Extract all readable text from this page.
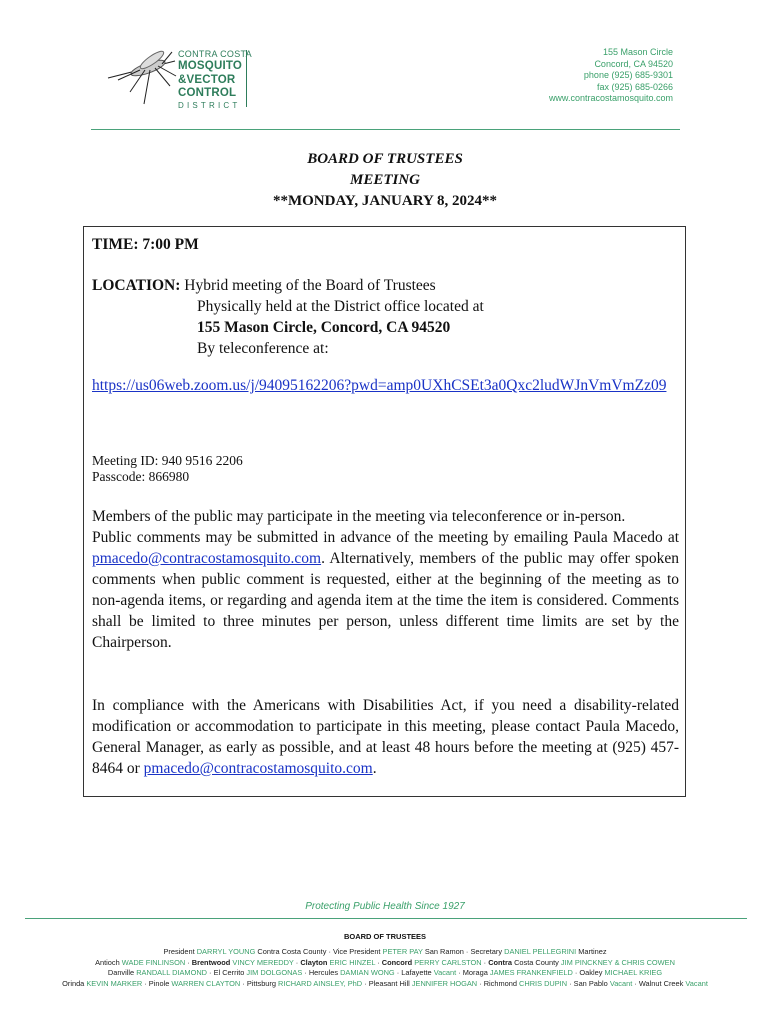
CONTRA COSTA
MOSQUITO
&VECTOR
CONTROL
DISTRICT
155 Mason Circle
Concord, CA 94520
phone (925) 685-9301
fax (925) 685-0266
www.contracostamosquito.com
BOARD OF TRUSTEES
MEETING
**MONDAY, JANUARY 8, 2024**
TIME: 7:00 PM
LOCATION: Hybrid meeting of the Board of Trustees
Physically held at the District office located at
155 Mason Circle, Concord, CA 94520
By teleconference at:
https://us06web.zoom.us/j/94095162206?pwd=amp0UXhCSEt3a0Qxc2ludWJnVmVmZz09
Meeting ID: 940 9516 2206
Passcode: 866980
Members of the public may participate in the meeting via teleconference or in-person.
Public comments may be submitted in advance of the meeting by emailing Paula Macedo at pmacedo@contracostamosquito.com. Alternatively, members of the public may offer spoken comments when public comment is requested, either at the beginning of the meeting as to non-agenda items, or regarding and agenda item at the time the item is considered. Comments shall be limited to three minutes per person, unless different time limits are set by the Chairperson.
In compliance with the Americans with Disabilities Act, if you need a disability-related modification or accommodation to participate in this meeting, please contact Paula Macedo, General Manager, as early as possible, and at least 48 hours before the meeting at (925) 457-8464 or pmacedo@contracostamosquito.com.
Protecting Public Health Since 1927
BOARD OF TRUSTEES
President DARRYL YOUNG Contra Costa County · Vice President PETER PAY San Ramon · Secretary DANIEL PELLEGRINI Martinez
Antioch WADE FINLINSON · Brentwood VINCY MEREDDY · Clayton ERIC HINZEL · Concord PERRY CARLSTON · Contra Costa County JIM PINCKNEY & CHRIS COWEN
Danville RANDALL DIAMOND · El Cerrito JIM DOLGONAS · Hercules DAMIAN WONG · Lafayette Vacant · Moraga JAMES FRANKENFIELD · Oakley MICHAEL KRIEG
Orinda KEVIN MARKER · Pinole WARREN CLAYTON · Pittsburg RICHARD AINSLEY, PhD · Pleasant Hill JENNIFER HOGAN · Richmond CHRIS DUPIN · San Pablo Vacant · Walnut Creek Vacant
